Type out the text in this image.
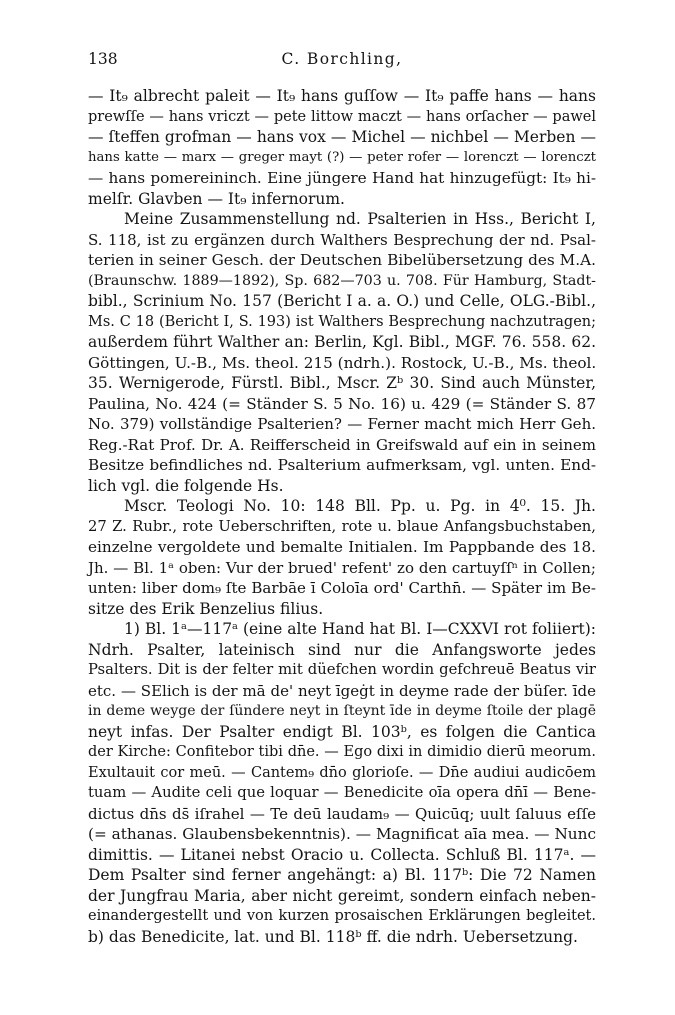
138	C. Borchling,
— It₉ albrecht paleit — It₉ hans guſſow — It₉ paffe hans — hans
prewſſe — hans vriczt — pete littow maczt — hans orſacher — pawel
— ſteffen grofman — hans vox — Michel — nichbel — Merben —
hans katte — marx — greger mayt (?) — peter rofer — lorenczt — lorenczt
— hans pomereininch. Eine jüngere Hand hat hinzugefügt: It₉ hi-
melſr. Glavben — It₉ infernorum.
Meine Zusammenstellung nd. Psalterien in Hss., Bericht I,
S. 118, ist zu ergänzen durch Walthers Besprechung der nd. Psal-
terien in seiner Gesch. der Deutschen Bibelübersetzung des M.A.
(Braunschw. 1889—1892), Sp. 682—703 u. 708. Für Hamburg, Stadt-
bibl., Scrinium No. 157 (Bericht I a. a. O.) und Celle, OLG.-Bibl.,
Ms. C 18 (Bericht I, S. 193) ist Walthers Besprechung nachzutragen;
außerdem führt Walther an: Berlin, Kgl. Bibl., MGF. 76. 558. 62.
Göttingen, U.-B., Ms. theol. 215 (ndrh.). Rostock, U.-B., Ms. theol.
35. Wernigerode, Fürstl. Bibl., Mscr. Zᵇ 30. Sind auch Münster,
Paulina, No. 424 (= Ständer S. 5 No. 16) u. 429 (= Ständer S. 87
No. 379) vollständige Psalterien? — Ferner macht mich Herr Geh.
Reg.-Rat Prof. Dr. A. Reifferscheid in Greifswald auf ein in seinem
Besitze befindliches nd. Psalterium aufmerksam, vgl. unten. End-
lich vgl. die folgende Hs.
Mscr. Teologi No. 10: 148 Bll. Pp. u. Pg. in 4⁰. 15. Jh.
27 Z. Rubr., rote Ueberschriften, rote u. blaue Anfangsbuchstaben,
einzelne vergoldete und bemalte Initialen. Im Pappbande des 18.
Jh. — Bl. 1ᵃ oben: Vur der brued' refent' zo den cartuyſſⁿ in Collen;
unten: liber dom₉ ſte Barbāe ī Coloīa ord' Carthn̄. — Später im Be-
sitze des Erik Benzelius filius.
1) Bl. 1ᵃ—117ᵃ (eine alte Hand hat Bl. I—CXXVI rot foliiert):
Ndrh. Psalter, lateinisch sind nur die Anfangsworte jedes
Psalters. Dit is der felter mit düefchen wordin gefchreuē Beatus vir
etc. — SElich is der mā de' neyt īgeġt in deyme rade der büſer. īde
in deme weyge der ſündere neyt in ſteynt īde in deyme ſtoile der plagē
neyt infas. Der Psalter endigt Bl. 103ᵇ, es folgen die Cantica
der Kirche: Confitebor tibi dn̄e. — Ego dixi in dimidio dierū meorum.
Exultauit cor meū. — Cantem₉ dn̄o glorioſe. — Dn̄e audiui audicōem
tuam — Audite celi que loquar — Benedicite oīa opera dn̄ī — Bene-
dictus dn̄s ds̄ iſrahel — Te deū laudam₉ — Quicūq; uult ſaluus eſſe
(= athanas. Glaubensbekenntnis). — Magnificat aīa mea. — Nunc
dimittis. — Litanei nebst Oracio u. Collecta. Schluß Bl. 117ᵃ. —
Dem Psalter sind ferner angehängt: a) Bl. 117ᵇ: Die 72 Namen
der Jungfrau Maria, aber nicht gereimt, sondern einfach neben-
einandergestellt und von kurzen prosaischen Erklärungen begleitet.
b) das Benedicite, lat. und Bl. 118ᵇ ff. die ndrh. Uebersetzung.
